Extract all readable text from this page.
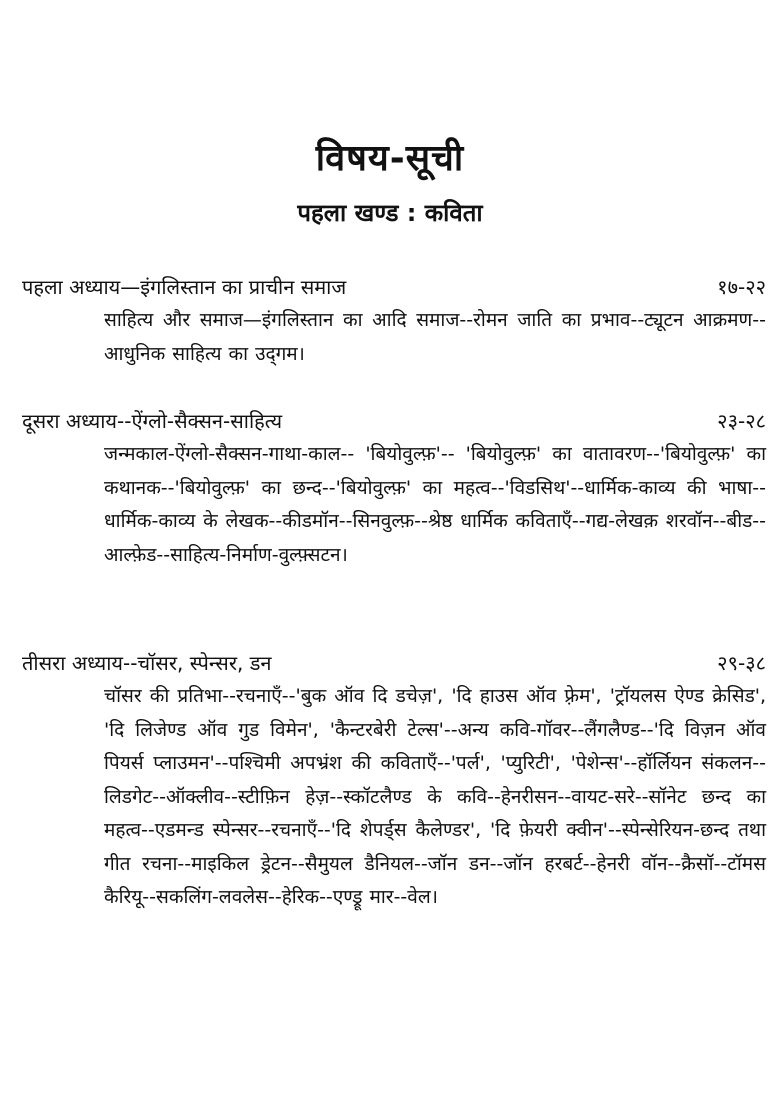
विषय-सूची
पहला खण्ड : कविता
पहला अध्याय—इंगलिस्तान का प्राचीन समाज	१७-२२
साहित्य और समाज—इंगलिस्तान का आदि समाज--रोमन जाति का प्रभाव--ट्यूटन आक्रमण--आधुनिक साहित्य का उद्‌गम।
दूसरा अध्याय--ऐंग्लो-सैक्सन-साहित्य	२३-२८
जन्मकाल-ऐंग्लो-सैक्सन-गाथा-काल-- 'बियोवुल्फ़'-- 'बियोवुल्फ़' का वातावरण--'बियोवुल्फ़' का कथानक--'बियोवुल्फ़' का छन्द--'बियोवुल्फ़' का महत्व--'विडसिथ'--धार्मिक-काव्य की भाषा--धार्मिक-काव्य के लेखक--कीडमॉन--सिनवुल्फ़--श्रेष्ठ धार्मिक कविताएँ--गद्य-लेखक़ शरवॉन--बीड--आल्फ़ेड--साहित्य-निर्माण-वुल्फ़्सटन।
तीसरा अध्याय--चॉसर, स्पेन्सर, डन	२९-३८
चॉसर की प्रतिभा--रचनाएँ--'बुक ऑव दि डचेज़', 'दि हाउस ऑव फ़्रेम', 'ट्रॉयलस ऐण्ड क्रेसिड', 'दि लिजेण्ड ऑव गुड विमेन', 'कैन्टरबेरी टेल्स'--अन्य कवि-गॉवर--लैंगलैण्ड--'दि विज़न ऑव पियर्स प्लाउमन'--पश्चिमी अपभ्रंश की कविताएँ--'पर्ल', 'प्युरिटी', 'पेशेन्स'--हॉर्लियन संकलन--लिडगेट--ऑक्लीव--स्टीफ़िन हेज़--स्कॉटलैण्ड के कवि--हेनरीसन--वायट-सरे--सॉनेट छन्द का महत्व--एडमन्ड स्पेन्सर--रचनाएँ--'दि शेपर्ड्स कैलेण्डर', 'दि फ़ेयरी क्वीन'--स्पेन्सेरियन-छन्द तथा गीत रचना--माइकिल ड्रेटन--सैमुयल डैनियल--जॉन डन--जॉन हरबर्ट--हेनरी वॉन--क्रैसॉ--टॉमस कैरियू--सकलिंग-लवलेस--हेरिक--एण्ड्रू मार--वेल।
